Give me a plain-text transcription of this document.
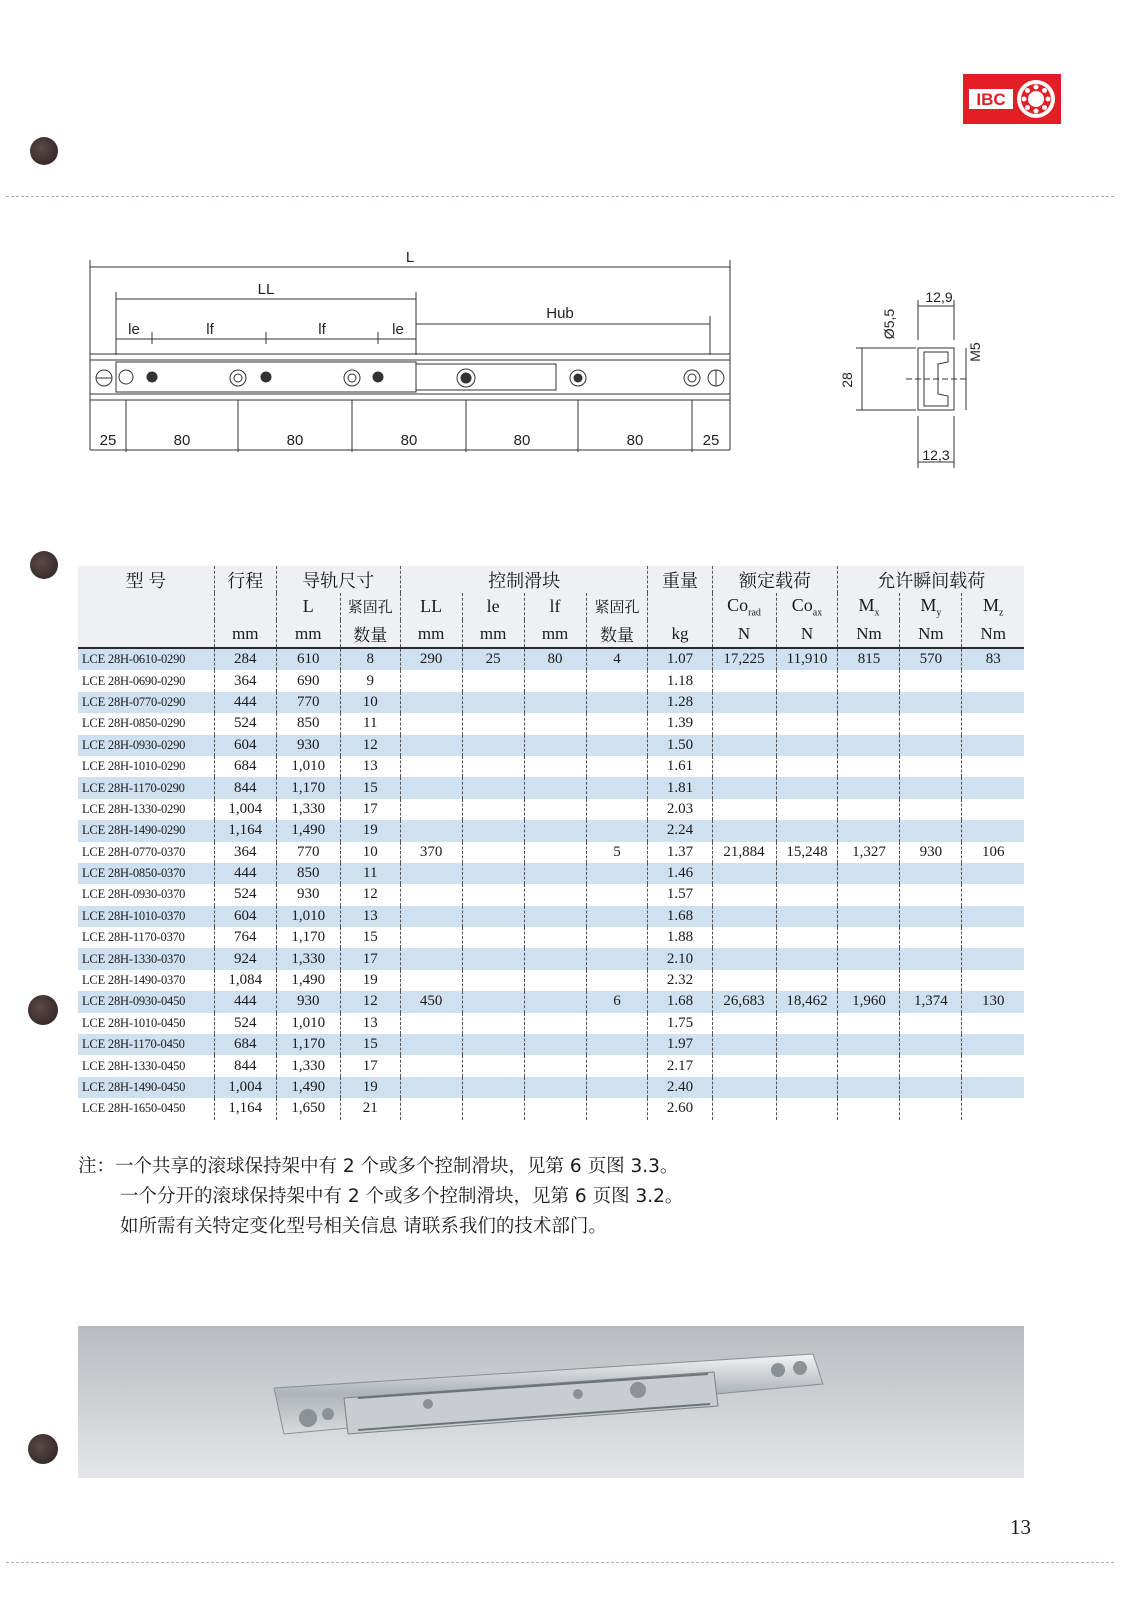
IBC
L
LL
Hub
le	lf	lf	le
25	80	80	80	80	80	25
Ø5,5
12,9
M5
28
12,3
型 号	行程	导轨尺寸		控制滑块				重量	额定载荷		允许瞬间载荷		
		L	紧固孔	LL	le	lf	紧固孔		$Co_{rad}$	$Co_{ax}$	$M_x$	$M_y$	$M_z$
	mm	mm	数量	mm	mm	mm	数量	kg	N	N	Nm	Nm	Nm
LCE 28H-0610-0290	284	610	8	290	25	80	4	1.07	17,225	11,910	815	570	83
LCE 28H-0690-0290	364	690	9					1.18					
LCE 28H-0770-0290	444	770	10					1.28					
LCE 28H-0850-0290	524	850	11					1.39					
LCE 28H-0930-0290	604	930	12					1.50					
LCE 28H-1010-0290	684	1,010	13					1.61					
LCE 28H-1170-0290	844	1,170	15					1.81					
LCE 28H-1330-0290	1,004	1,330	17					2.03					
LCE 28H-1490-0290	1,164	1,490	19					2.24					
LCE 28H-0770-0370	364	770	10	370			5	1.37	21,884	15,248	1,327	930	106
LCE 28H-0850-0370	444	850	11					1.46					
LCE 28H-0930-0370	524	930	12					1.57					
LCE 28H-1010-0370	604	1,010	13					1.68					
LCE 28H-1170-0370	764	1,170	15					1.88					
LCE 28H-1330-0370	924	1,330	17					2.10					
LCE 28H-1490-0370	1,084	1,490	19					2.32					
LCE 28H-0930-0450	444	930	12	450			6	1.68	26,683	18,462	1,960	1,374	130
LCE 28H-1010-0450	524	1,010	13					1.75					
LCE 28H-1170-0450	684	1,170	15					1.97					
LCE 28H-1330-0450	844	1,330	17					2.17					
LCE 28H-1490-0450	1,004	1,490	19					2.40					
LCE 28H-1650-0450	1,164	1,650	21					2.60					
注：一个共享的滚球保持架中有 2 个或多个控制滑块，见第 6 页图 3.3。
一个分开的滚球保持架中有 2 个或多个控制滑块，见第 6 页图 3.2。
如所需有关特定变化型号相关信息 请联系我们的技术部门。
13
